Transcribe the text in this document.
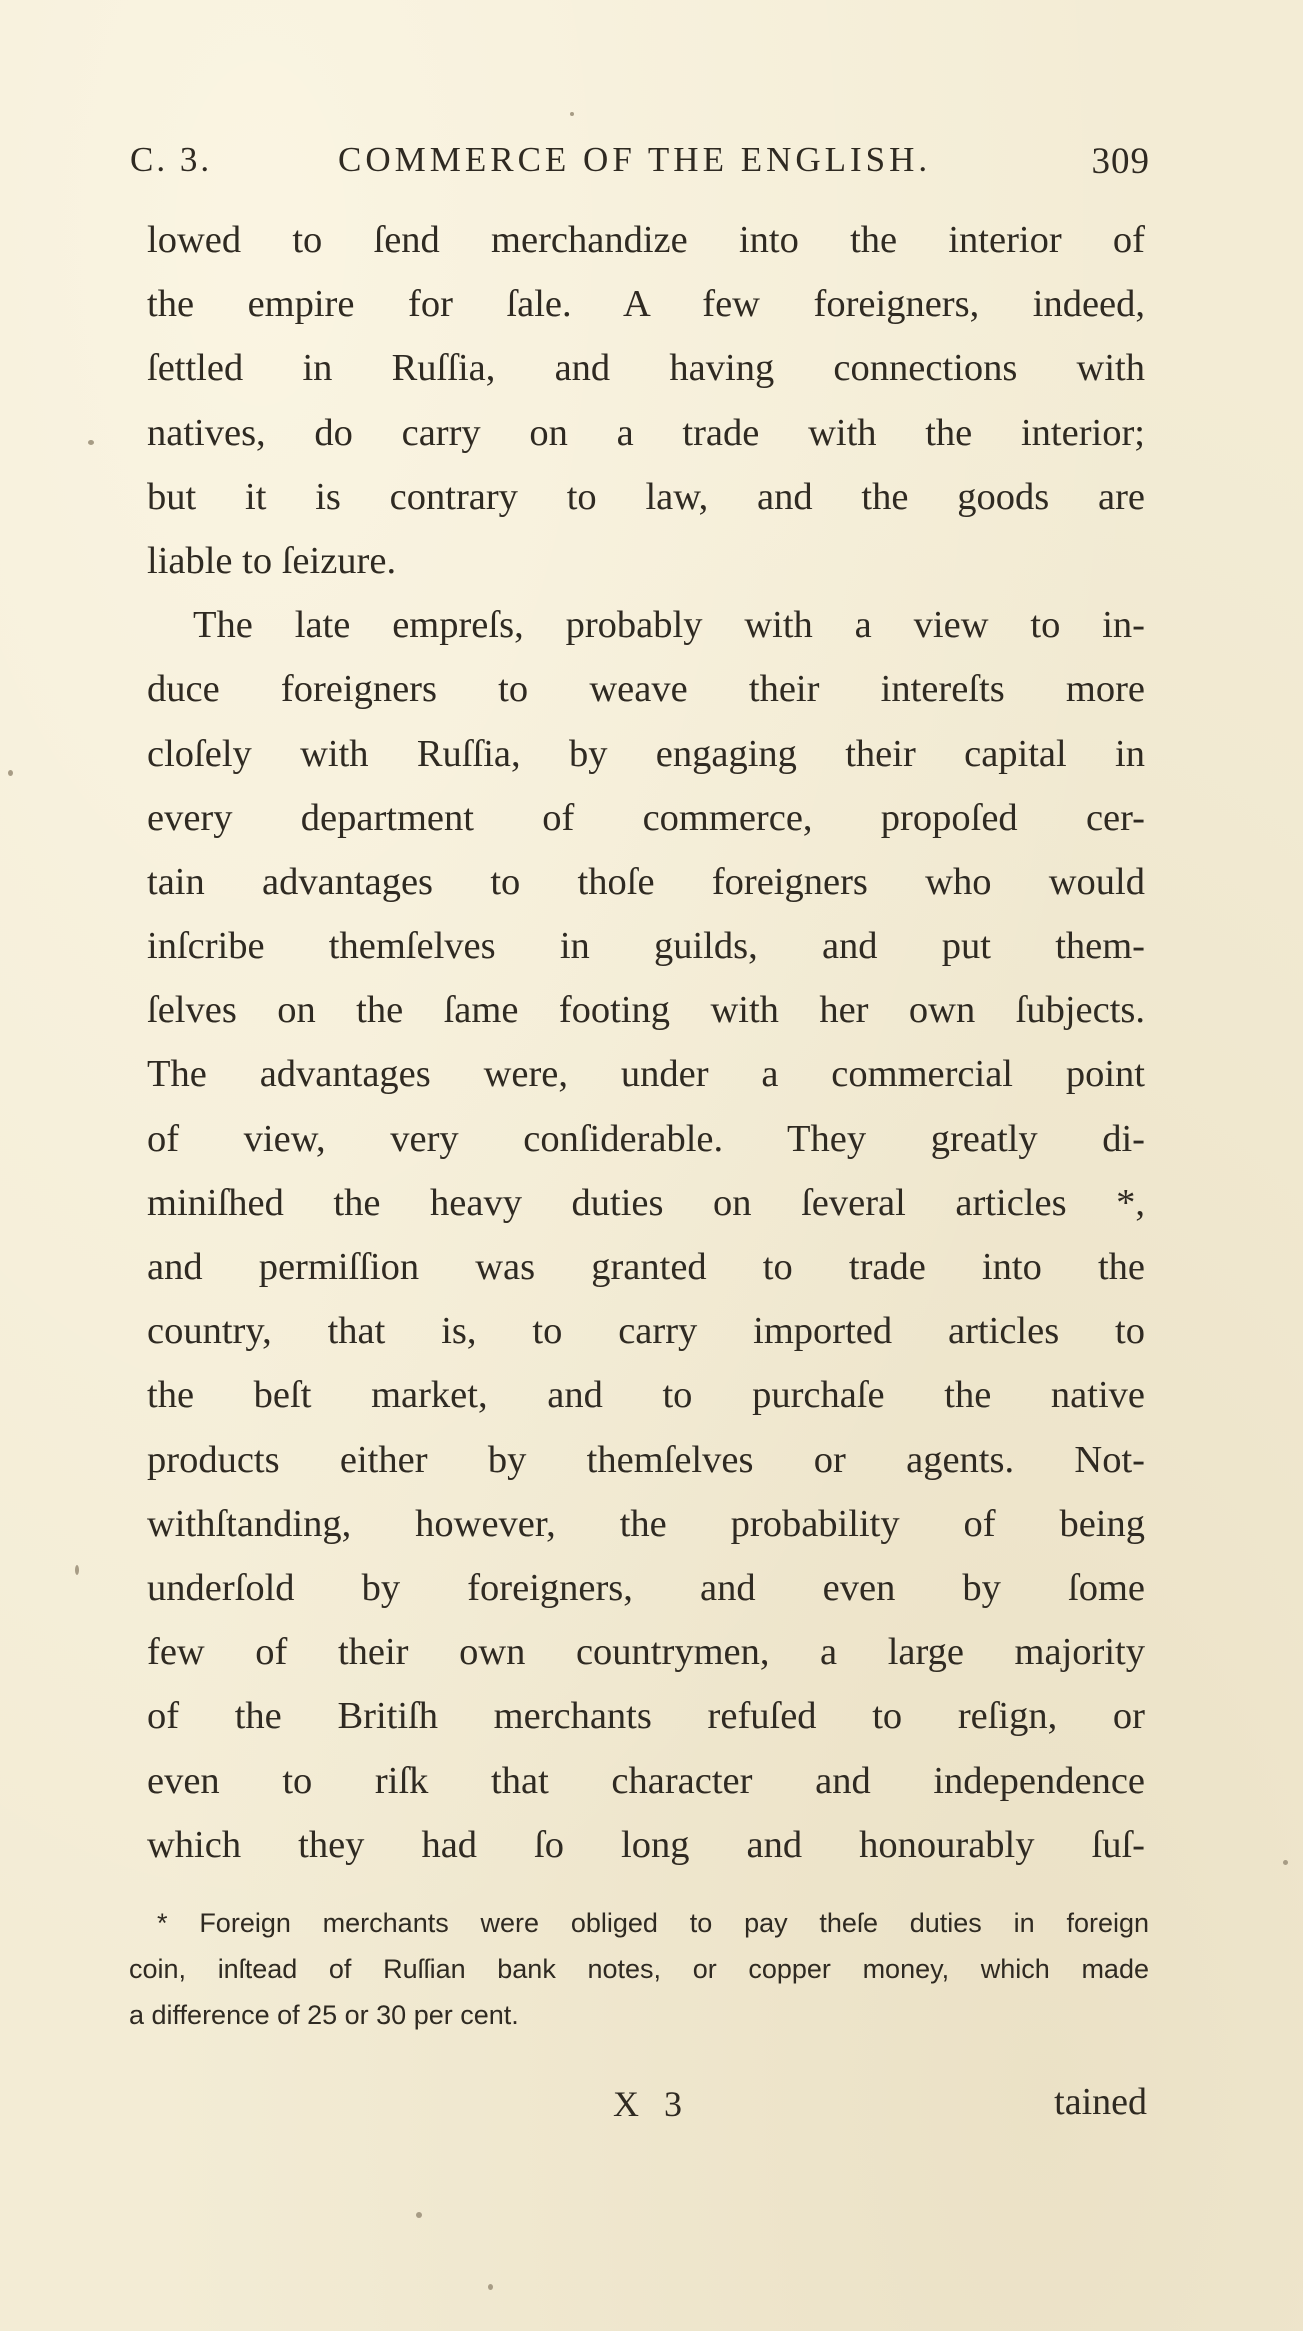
C. 3.	COMMERCE OF THE ENGLISH.	309
lowed to ſend merchandize into the interior of
the empire for ſale. A few foreigners, indeed,
ſettled in Ruſſia, and having connections with
natives, do carry on a trade with the interior;
but it is contrary to law, and the goods are
liable to ſeizure.
The late empreſs, probably with a view to in-
duce foreigners to weave their intereſts more
cloſely with Ruſſia, by engaging their capital in
every department of commerce, propoſed cer-
tain advantages to thoſe foreigners who would
inſcribe themſelves in guilds, and put them-
ſelves on the ſame footing with her own ſubjects.
The advantages were, under a commercial point
of view, very conſiderable. They greatly di-
miniſhed the heavy duties on ſeveral articles *,
and permiſſion was granted to trade into the
country, that is, to carry imported articles to
the beſt market, and to purchaſe the native
products either by themſelves or agents. Not-
withſtanding, however, the probability of being
underſold by foreigners, and even by ſome
few of their own countrymen, a large majority
of the Britiſh merchants refuſed to reſign, or
even to riſk that character and independence
which they had ſo long and honourably ſuſ-
* Foreign merchants were obliged to pay theſe duties in foreign
coin, inſtead of Ruſſian bank notes, or copper money, which made
a difference of 25 or 30 per cent.
X 3	tained
